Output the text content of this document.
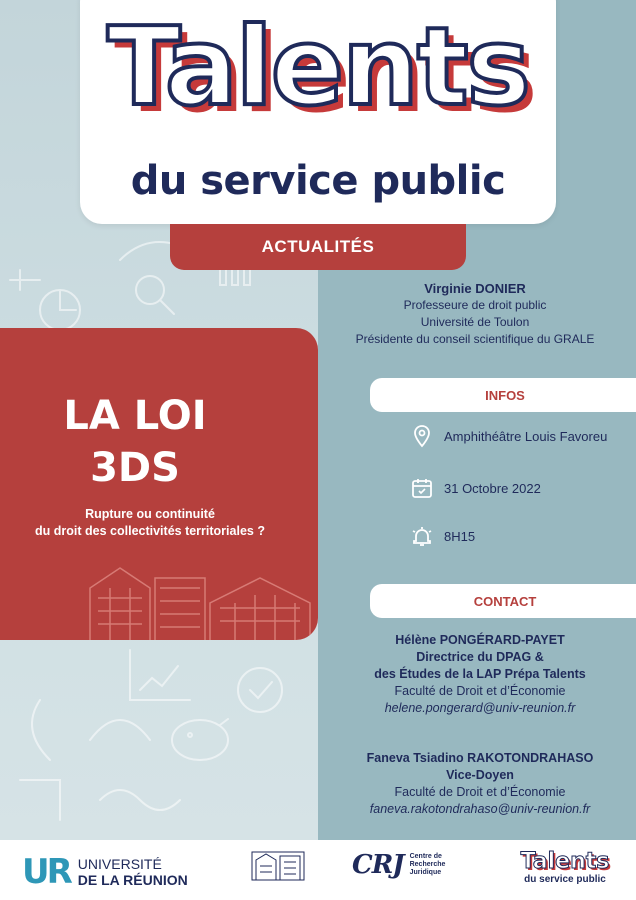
Talents
du service public
ACTUALITÉS
Virginie DONIER
Professeure de droit public
Université de Toulon
Présidente du conseil scientifique du GRALE
LA LOI
3DS
Rupture ou continuité
du droit des collectivités territoriales ?
INFOS
Amphithéâtre Louis Favoreu
31 Octobre 2022
8H15
CONTACT
Hélène PONGÉRARD-PAYET
Directrice du DPAG &
des Études de la LAP Prépa Talents
Faculté de Droit et d’Économie
helene.pongerard@univ-reunion.fr
Faneva Tsiadino RAKOTONDRAHASO
Vice-Doyen
Faculté de Droit et d’Économie
faneva.rakotondrahaso@univ-reunion.fr
UR UNIVERSITÉ
DE LA RÉUNION	CRJ Centre de
Recherche
Juridique	Talents
du service public
